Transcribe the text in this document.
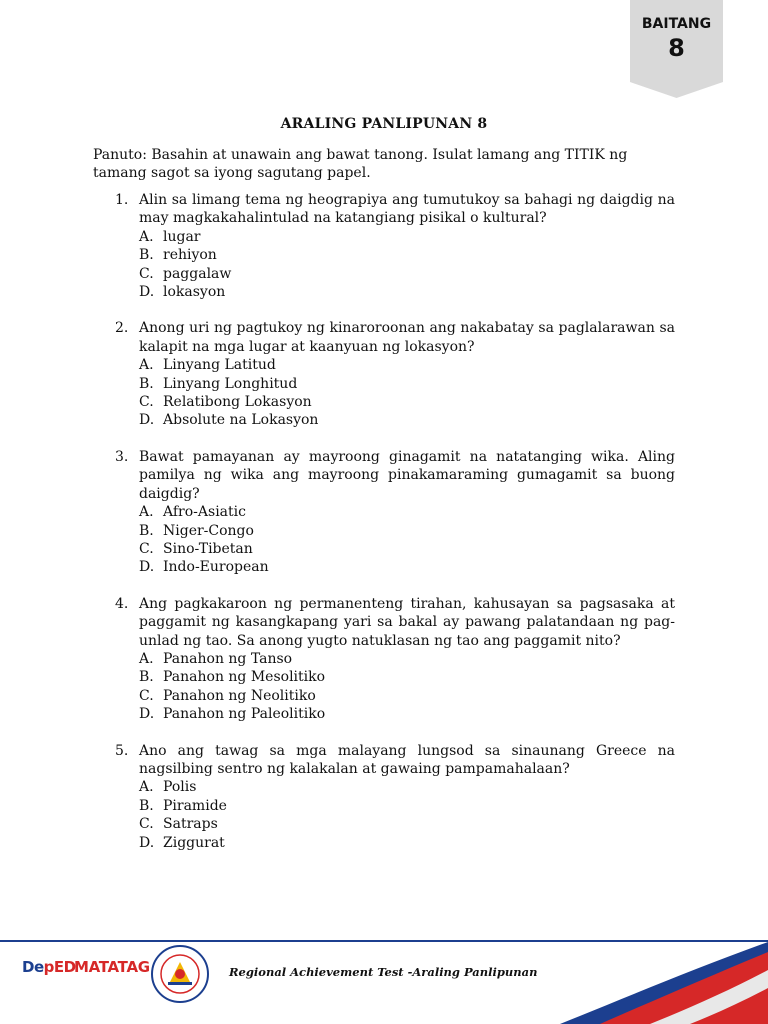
BAITANG
8
ARALING PANLIPUNAN 8
Panuto: Basahin at unawain ang bawat tanong. Isulat lamang ang TITIK ng tamang sagot sa iyong sagutang papel.
1. Alin sa limang tema ng heograpiya ang tumutukoy sa bahagi ng daigdig na may magkakahalintulad na katangiang pisikal o kultural?
A. lugar
B. rehiyon
C. paggalaw
D. lokasyon
2. Anong uri ng pagtukoy ng kinaroroonan ang nakabatay sa paglalarawan sa kalapit na mga lugar at kaanyuan ng lokasyon?
A. Linyang Latitud
B. Linyang Longhitud
C. Relatibong Lokasyon
D. Absolute na Lokasyon
3. Bawat pamayanan ay mayroong ginagamit na natatanging wika. Aling pamilya ng wika ang mayroong pinakamaraming gumagamit sa buong daigdig?
A. Afro-Asiatic
B. Niger-Congo
C. Sino-Tibetan
D. Indo-European
4. Ang pagkakaroon ng permanenteng tirahan, kahusayan sa pagsasaka at paggamit ng kasangkapang yari sa bakal ay pawang palatandaan ng pag-unlad ng tao. Sa anong yugto natuklasan ng tao ang paggamit nito?
A. Panahon ng Tanso
B. Panahon ng Mesolitiko
C. Panahon ng Neolitiko
D. Panahon ng Paleolitiko
5. Ano ang tawag sa mga malayang lungsod sa sinaunang Greece na nagsilbing sentro ng kalakalan at gawaing pampamahalaan?
A. Polis
B. Piramide
C. Satraps
D. Ziggurat
DepED
MATATAG	Regional Achievement Test -Araling Panlipunan
